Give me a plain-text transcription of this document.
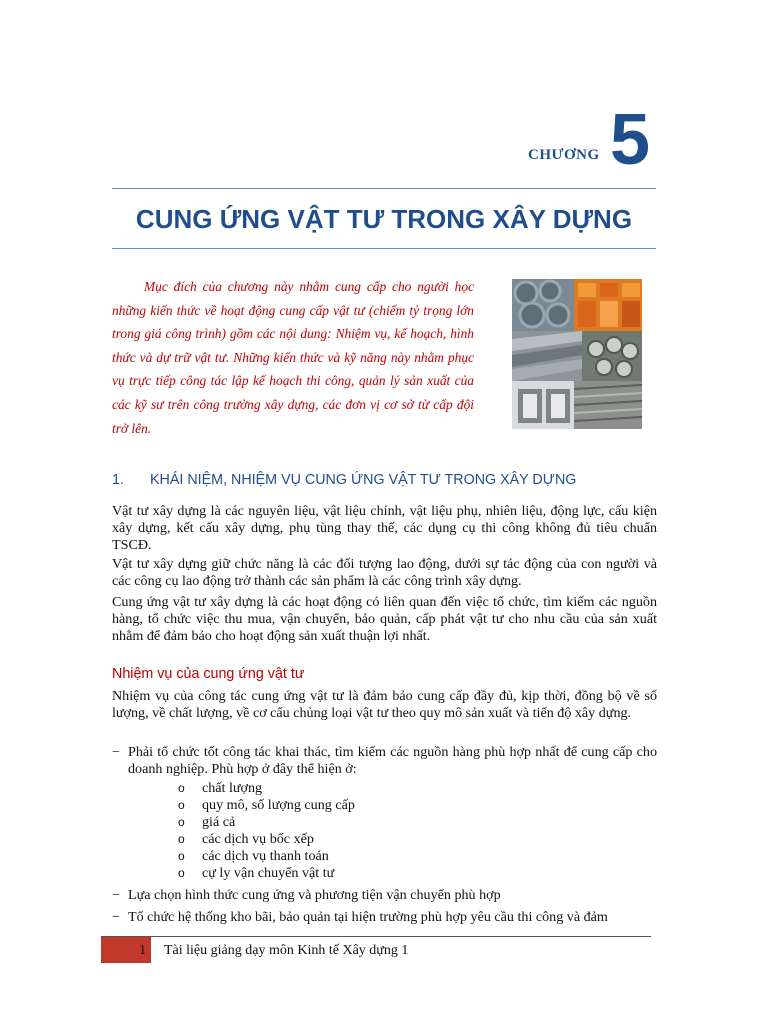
CHƯƠNG 5
CUNG ỨNG VẬT TƯ TRONG XÂY DỰNG

Mục đích của chương này nhằm cung cấp cho người học những kiến thức về hoạt động cung cấp vật tư (chiếm tỷ trọng lớn trong giá công trình) gồm các nội dung: Nhiệm vụ, kế hoạch, hình thức và dự trữ vật tư. Những kiến thức và kỹ năng này nhằm phục vụ trực tiếp công tác lập kế hoạch thi công, quản lý sản xuất của các kỹ sư trên công trường xây dựng, các đơn vị cơ sở từ cấp đội trở lên.

1. KHÁI NIỆM, NHIỆM VỤ CUNG ỨNG VẬT TƯ TRONG XÂY DỰNG
Vật tư xây dựng là các nguyên liệu, vật liệu chính, vật liệu phụ, nhiên liệu, động lực, cấu kiện xây dựng, kết cấu xây dựng, phụ tùng thay thế, các dụng cụ thi công không đủ tiêu chuẩn TSCĐ.
Vật tư xây dựng giữ chức năng là các đối tượng lao động, dưới sự tác động của con người và các công cụ lao động trở thành các sản phẩm là các công trình xây dựng.
Cung ứng vật tư xây dựng là các hoạt động có liên quan đến việc tổ chức, tìm kiếm các nguồn hàng, tổ chức việc thu mua, vận chuyển, bảo quản, cấp phát vật tư cho nhu cầu của sản xuất nhằm để đảm bảo cho hoạt động sản xuất thuận lợi nhất.
Nhiệm vụ của cung ứng vật tư
Nhiệm vụ của công tác cung ứng vật tư là đảm bảo cung cấp đầy đủ, kịp thời, đồng bộ về số lượng, về chất lượng, về cơ cấu chủng loại vật tư theo quy mô sản xuất và tiến độ xây dựng.
− Phải tổ chức tốt công tác khai thác, tìm kiếm các nguồn hàng phù hợp nhất để cung cấp cho doanh nghiệp. Phù hợp ở đây thể hiện ở:
o chất lượng
o quy mô, số lượng cung cấp
o giá cả
o các dịch vụ bốc xếp
o các dịch vụ thanh toán
o cự ly vận chuyển vật tư
− Lựa chọn hình thức cung ứng và phương tiện vận chuyển phù hợp
− Tổ chức hệ thống kho bãi, bảo quản tại hiện trường phù hợp yêu cầu thi công và đảm
1 Tài liệu giảng dạy môn Kinh tế Xây dựng 1
